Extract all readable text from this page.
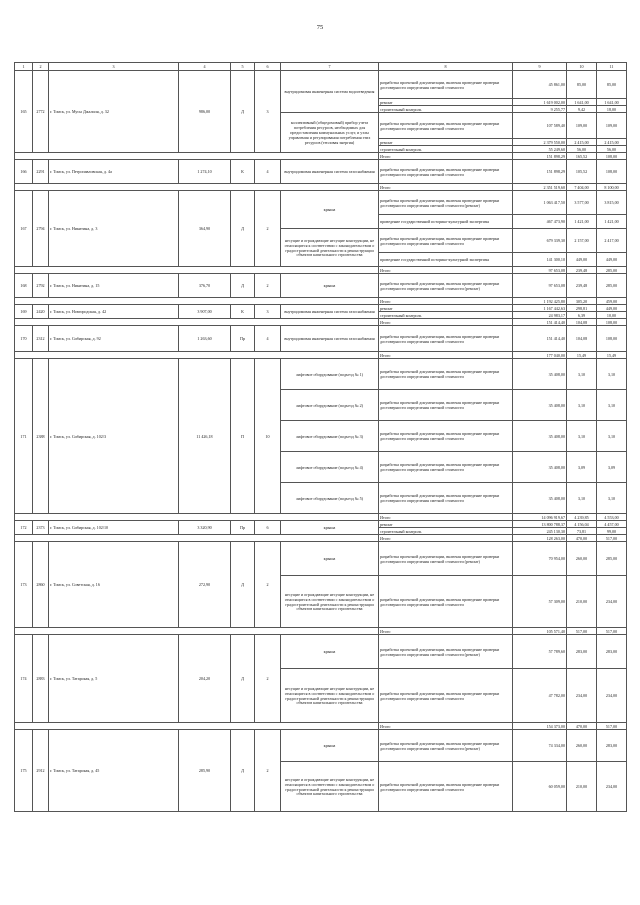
75
1	2	3	4	5	6	7	8	9	10	11
165	2772	г. Томск, ул. Мусы Джалиля, д. 32	986,00	Д	3	внутридомовая инженерная система водоотведения	разработка проектной документации, включая проведение проверки достоверности определения сметной стоимости	45 861,00	85,00	85,00
							ремонт	1 619 002,00	1 641,00	1 641,00
							строительный контроль	9 255,77	9,42	18,00
						коллективный (общедомовый) прибор учета потребления ресурсов, необходимых для предоставления коммунальных услуг, и узлы управления и регулирования потребления этих ресурсов (тепловая энергия)	разработка проектной документации, включая проведение проверки достоверности определения сметной стоимости	107 589,40	109,00	109,00
							ремонт	2 379 550,00	2 415,00	2 415,00
							строительный контроль	55 249,60	56,00	56,00
							Итого	151 898,29	165,52	108,00
166	2291	г. Томск, ул. Петропавловская, д. 4а	1 274,10	К	4	внутридомовая инженерная система газоснабжения	разработка проектной документации, включая проведение проверки достоверности определения сметной стоимости	151 898,29	105,52	108,00
							Итого	2 351 519,60	7 404,00	8 100,00
167	2794	г. Томск, ул. Никитина, д. 3	364,90	Д	2	крыша	разработка проектной документации, включая проведение проверки достоверности определения сметной стоимости (ремонт)	1 063 417,50	3 577,00	3 815,00
							проведение государственной историко-культурной экспертизы	467 473,90	1 421,00	1 421,00
						несущие и ограждающие несущие конструкции, не относящиеся к соответствии с законодательством о градостроительной деятельности к реконструкции объектов капитального строительства	разработка проектной документации, включая проведение проверки достоверности определения сметной стоимости	679 339,30	2 157,00	2 417,00
							проведение государственной историко-культурной экспертизы	141 300,10	449,00	449,00
							Итого	97 653,08	239,48	285,00
168	2792	г. Томск, ул. Никитина, д. 15	376,70	Д	2	крыша	разработка проектной документации, включая проведение проверки достоверности определения сметной стоимости (ремонт)	97 653,08	239,48	285,00
							Итого	1 192 425,80	305,20	459,00
169	2420	г. Томск, ул. Новгородская, д. 42	3 907,00	К	3	внутридомовая инженерная система газоснабжения	ремонт	1 167 442,63	298,81	449,00
							строительный контроль	24 983,17	6,39	10,00
							Итого	151 414,40	104,08	108,00
170	2312	г. Томск, ул. Сибирская, д. 92	1 263,60	Пр	4	внутридомовая инженерная система газоснабжения	разработка проектной документации, включая проведение проверки достоверности определения сметной стоимости	151 414,40	104,08	108,00
							Итого	177 040,00	15,49	15,49
171	2388	г. Томск, ул. Сибирская, д. 102/3	11 426,18	П	10	лифтовое оборудование (подъезд № 1)	разработка проектной документации, включая проведение проверки достоверности определения сметной стоимости	35 408,00	3,10	3,10
						лифтовое оборудование (подъезд № 2)	разработка проектной документации, включая проведение проверки достоверности определения сметной стоимости	35 408,00	3,10	3,10
						лифтовое оборудование (подъезд № 3)	разработка проектной документации, включая проведение проверки достоверности определения сметной стоимости	35 408,00	3,10	3,10
						лифтовое оборудование (подъезд № 4)	разработка проектной документации, включая проведение проверки достоверности определения сметной стоимости	35 408,00	3,09	3,09
						лифтовое оборудование (подъезд № 5)	разработка проектной документации, включая проведение проверки достоверности определения сметной стоимости	35 408,00	3,10	3,10
							Итого	14 096 919,67	4 239,85	4 553,00
172	2373	г. Томск, ул. Сибирская, д. 102/10	3 320,90	Пр	6	крыша	ремонт	13 800 788,37	4 156,04	4 457,00
							строительный контроль	245 130,30	73,81	99,00
							Итого	128 263,00	470,00	517,00
173	2860	г. Томск, ул. Советская, д. 16	272,90	Д	2	крыша	разработка проектной документации, включая проведение проверки достоверности определения сметной стоимости (ремонт)	70 954,00	260,00	285,00
						несущие и ограждающие несущие конструкции, не относящиеся в соответствии с законодательством о градостроительной деятельности к реконструкции объектов капитального строительства	разработка проектной документации, включая проведение проверки достоверности определения сметной стоимости	57 309,00	210,00	234,00
							Итого	105 571,40	517,00	517,00
174	2883	г. Томск, ул. Татарская, д. 5	204,20	Д	2	крыша	разработка проектной документации, включая проведение проверки достоверности определения сметной стоимости (ремонт)	57 789,60	283,00	283,00
						несущие и ограждающие несущие конструкции, не относящиеся в соответствии с законодательством о градостроительной деятельности к реконструкции объектов капитального строительства	разработка проектной документации, включая проведение проверки достоверности определения сметной стоимости	47 782,00	234,00	234,00
							Итого	154 373,00	470,00	517,00
175	2912	г. Томск, ул. Татарская, д. 45	285,90	Д	2	крыша	разработка проектной документации, включая проведение проверки достоверности определения сметной стоимости (ремонт)	74 334,00	260,00	283,00
						несущие и ограждающие несущие конструкции, не относящиеся в соответствии с законодательством о градостроительной деятельности к реконструкции объектов капитального строительства	разработка проектной документации, включая проведение проверки достоверности определения сметной стоимости	60 059,00	210,00	234,00
